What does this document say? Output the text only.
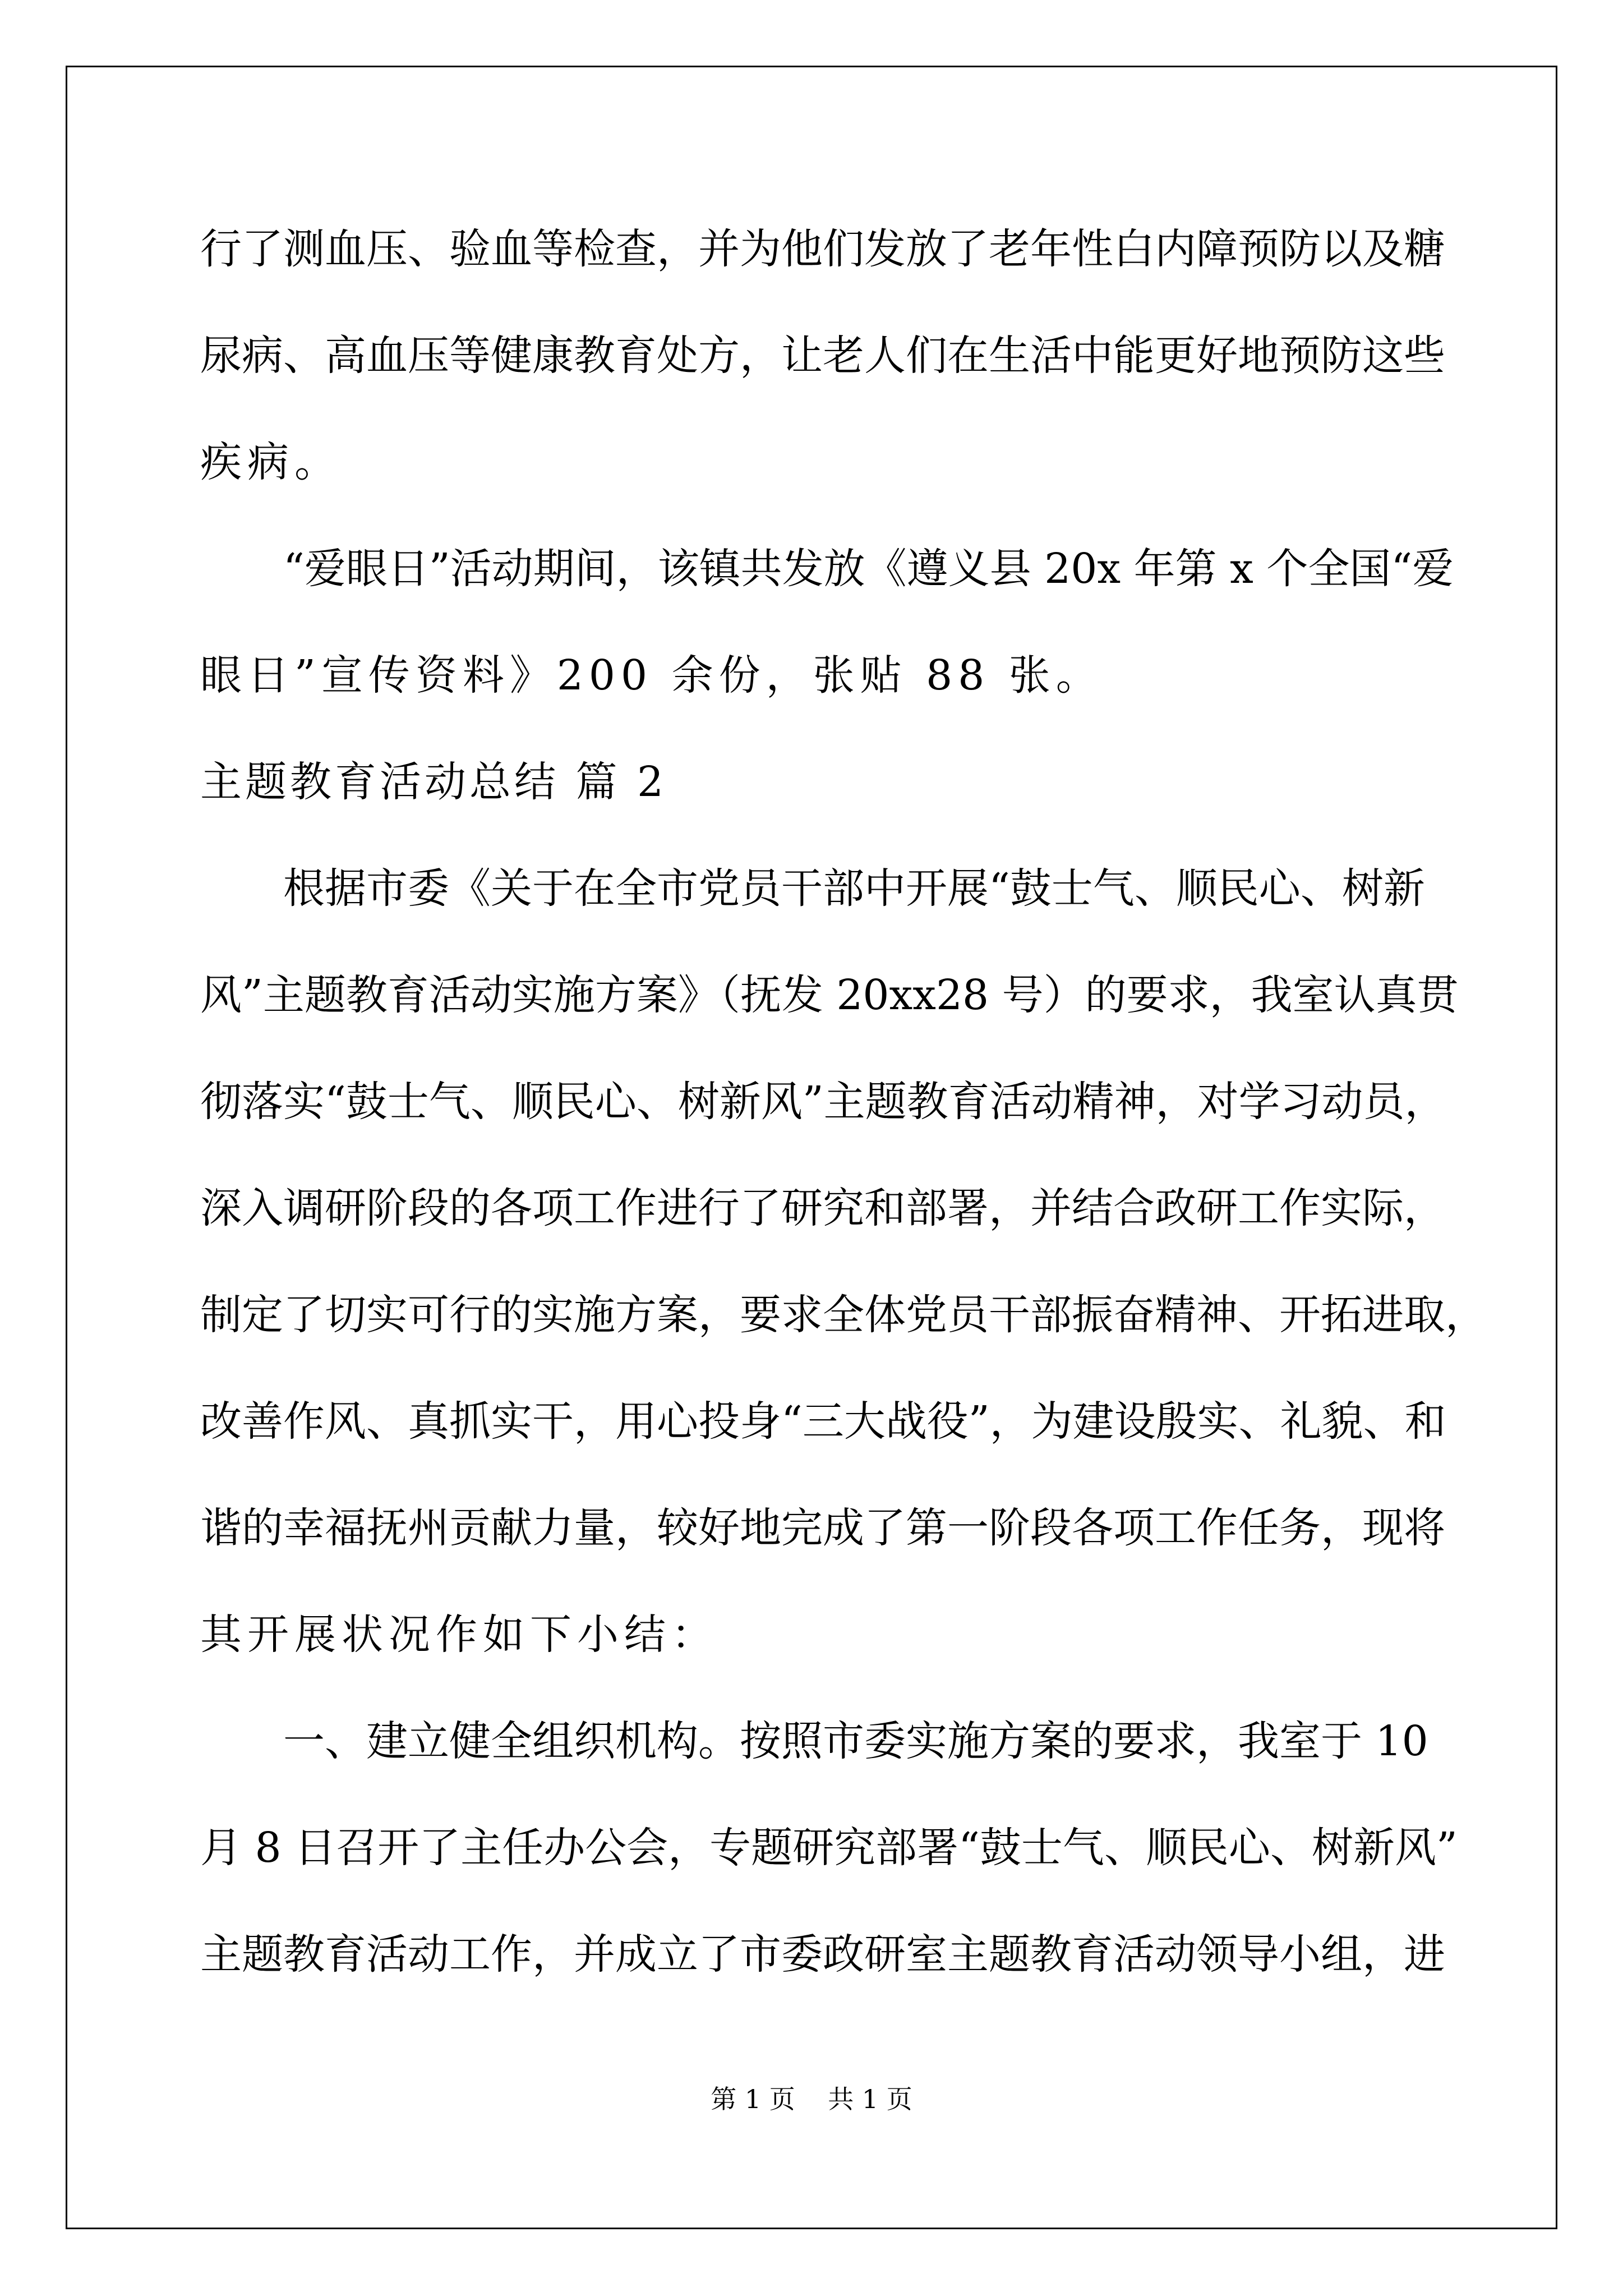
行了测血压、验血等检查，并为他们发放了老年性白内障预防以及糖
尿病、高血压等健康教育处方，让老人们在生活中能更好地预防这些
疾病。
“爱眼日”活动期间，该镇共发放《遵义县 20x 年第 x 个全国“爱
眼日”宣传资料》200 余份，张贴 88 张。
主题教育活动总结 篇 2
根据市委《关于在全市党员干部中开展“鼓士气、顺民心、树新
风”主题教育活动实施方案》（抚发 20xx28 号）的要求，我室认真贯
彻落实“鼓士气、顺民心、树新风”主题教育活动精神，对学习动员，
深入调研阶段的各项工作进行了研究和部署，并结合政研工作实际，
制定了切实可行的实施方案，要求全体党员干部振奋精神、开拓进取，
改善作风、真抓实干，用心投身“三大战役”，为建设殷实、礼貌、和
谐的幸福抚州贡献力量，较好地完成了第一阶段各项工作任务，现将
其开展状况作如下小结：
一、建立健全组织机构。按照市委实施方案的要求，我室于 10
月 8 日召开了主任办公会，专题研究部署“鼓士气、顺民心、树新风”
主题教育活动工作，并成立了市委政研室主题教育活动领导小组，进
第 1 页    共 1 页
